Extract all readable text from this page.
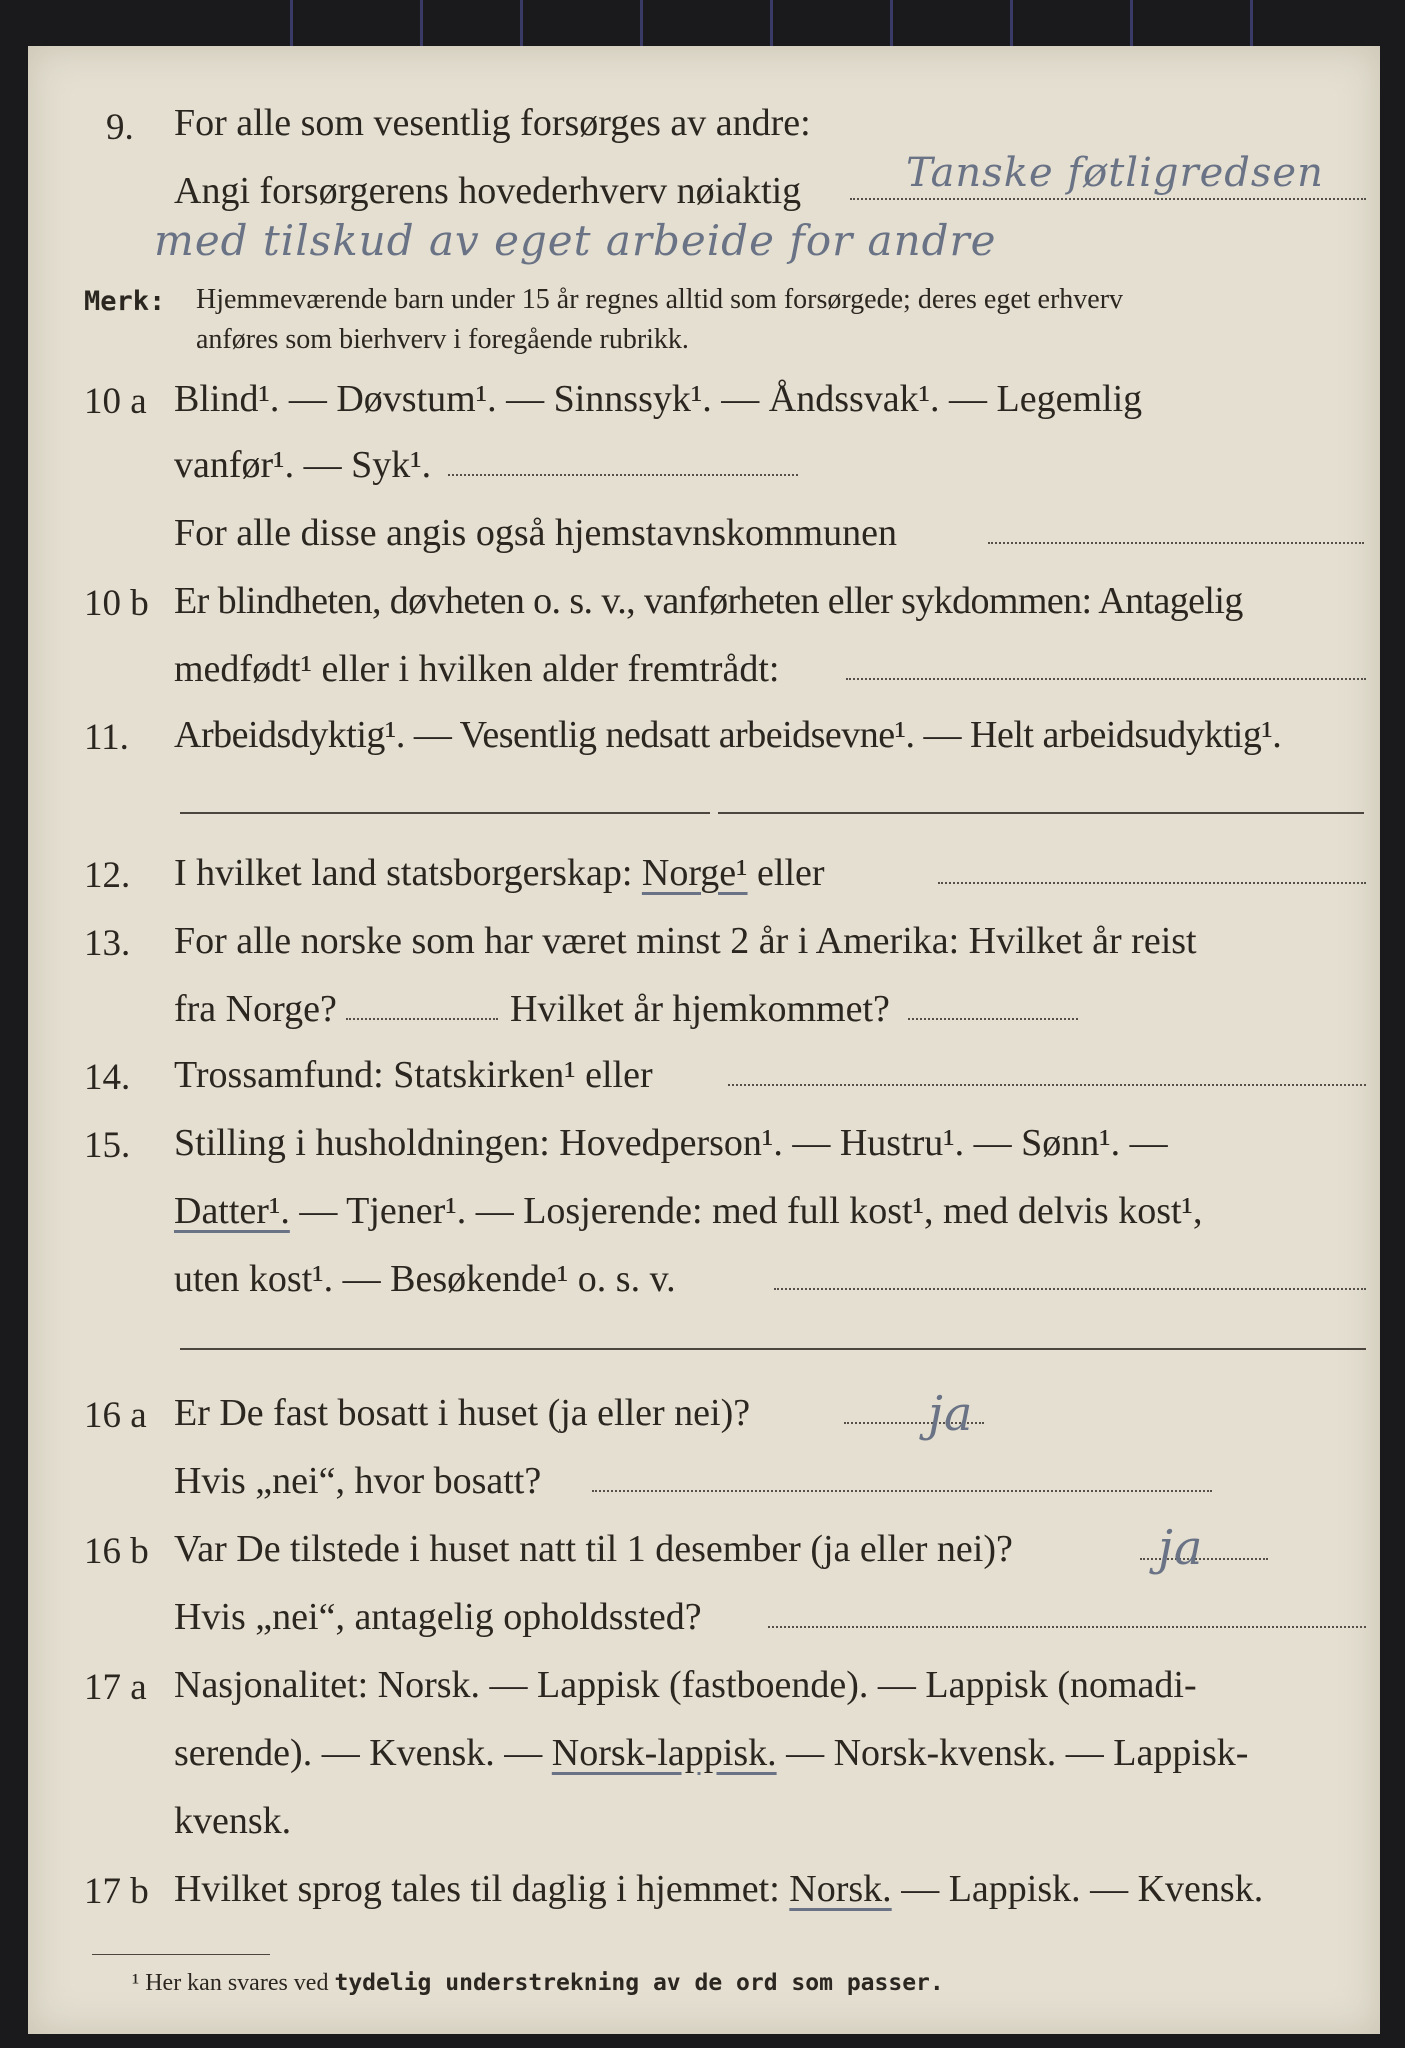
9. For alle som vesentlig forsørges av andre:
Angi forsørgerens hovederhverv nøiaktig	Tanske føtligredsen
med tilskud av eget arbeide for andre
Merk: Hjemmeværende barn under 15 år regnes alltid som forsørgede; deres eget erhverv
anføres som bierhverv i foregående rubrikk.
10 a Blind¹. — Døvstum¹. — Sinnssyk¹. — Åndssvak¹. — Legemlig
vanfør¹. — Syk¹.
For alle disse angis også hjemstavnskommunen
10 b Er blindheten, døvheten o. s. v., vanførheten eller sykdommen: Antagelig
medfødt¹ eller i hvilken alder fremtrådt:
11. Arbeidsdyktig¹. — Vesentlig nedsatt arbeidsevne¹. — Helt arbeidsudyktig¹.
12. I hvilket land statsborgerskap: Norge¹ eller
13. For alle norske som har været minst 2 år i Amerika: Hvilket år reist
fra Norge?	Hvilket år hjemkommet?
14. Trossamfund: Statskirken¹ eller
15. Stilling i husholdningen: Hovedperson¹. — Hustru¹. — Sønn¹. —
Datter¹. — Tjener¹. — Losjerende: med full kost¹, med delvis kost¹,
uten kost¹. — Besøkende¹ o. s. v.
16 a Er De fast bosatt i huset (ja eller nei)?	ja
Hvis „nei“, hvor bosatt?
16 b Var De tilstede i huset natt til 1 desember (ja eller nei)?	ja
Hvis „nei“, antagelig opholdssted?
17 a Nasjonalitet: Norsk. — Lappisk (fastboende). — Lappisk (nomadi-
serende). — Kvensk. — Norsk-lappisk. — Norsk-kvensk. — Lappisk-
kvensk.
17 b Hvilket sprog tales til daglig i hjemmet: Norsk. — Lappisk. — Kvensk.
¹ Her kan svares ved tydelig understrekning av de ord som passer.
